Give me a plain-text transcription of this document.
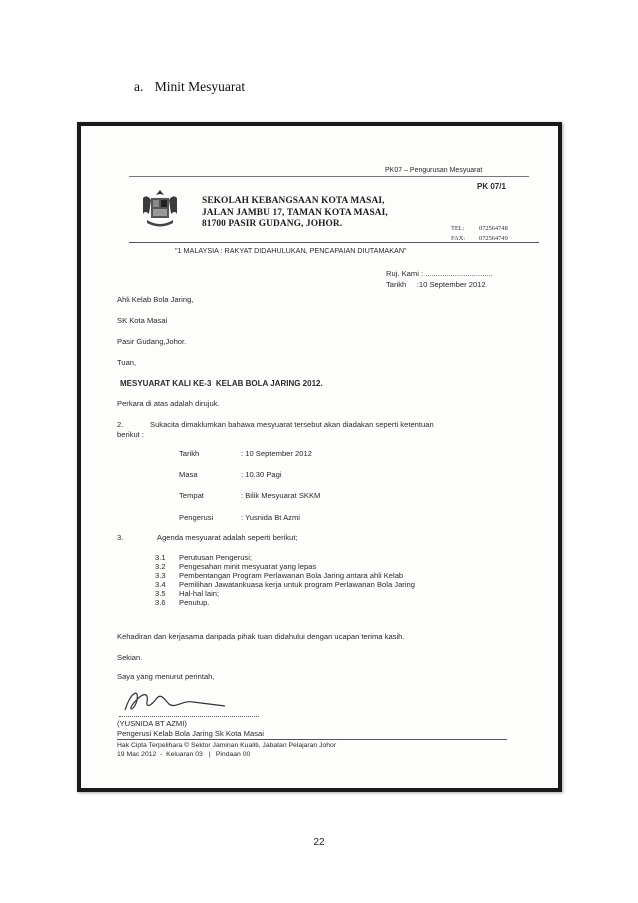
a. Minit Mesyuarat
PK07 – Pengurusan Mesyuarat
PK 07/1
SEKOLAH KEBANGSAAN KOTA MASAI,
JALAN JAMBU 17, TAMAN KOTA MASAI,
81700 PASIR GUDANG, JOHOR.	TEL: 072564748
FAX: 072564749
"1 MALAYSIA : RAKYAT DIDAHULUKAN, PENCAPAIAN DIUTAMAKAN"
Ruj. Kami : ................................
Tarikh     :10 September 2012
Ahli Kelab Bola Jaring,
SK Kota Masai
Pasir Gudang,Johor.
Tuan,
MESYUARAT KALI KE-3  KELAB BOLA JARING 2012.
Perkara di atas adalah dirujuk.
2.	Sukacita dimaklumkan bahawa mesyuarat tersebut akan diadakan seperti ketentuan
berikut :
Tarikh	: 10 September 2012
Masa	: 10.30 Pagi
Tempat	: Bilik Mesyuarat SKKM
Pengerusi	: Yusnida Bt Azmi
3.	Agenda mesyuarat adalah seperti berikut;
3.1 Perutusan Pengerusi;
3.2 Pengesahan minit mesyuarat yang lepas
3.3 Pembentangan Program Perlawanan Bola Jaring antara ahli Kelab
3.4 Pemilihan Jawatankuasa kerja untuk program Perlawanan Bola Jaring
3.5 Hal-hal lain;
3.6 Penutup.
Kehadiran dan kerjasama daripada pihak tuan didahului dengan ucapan terima kasih.
Sekian.
Saya yang menurut perintah,
(YUSNIDA BT AZMI)
Pengerusi Kelab Bola Jaring Sk Kota Masai
Hak Cipta Terpelihara © Sektor Jaminan Kualiti, Jabatan Pelajaran Johor
19 Mac 2012  -  Keluaran 03   |   Pindaan 00
22
